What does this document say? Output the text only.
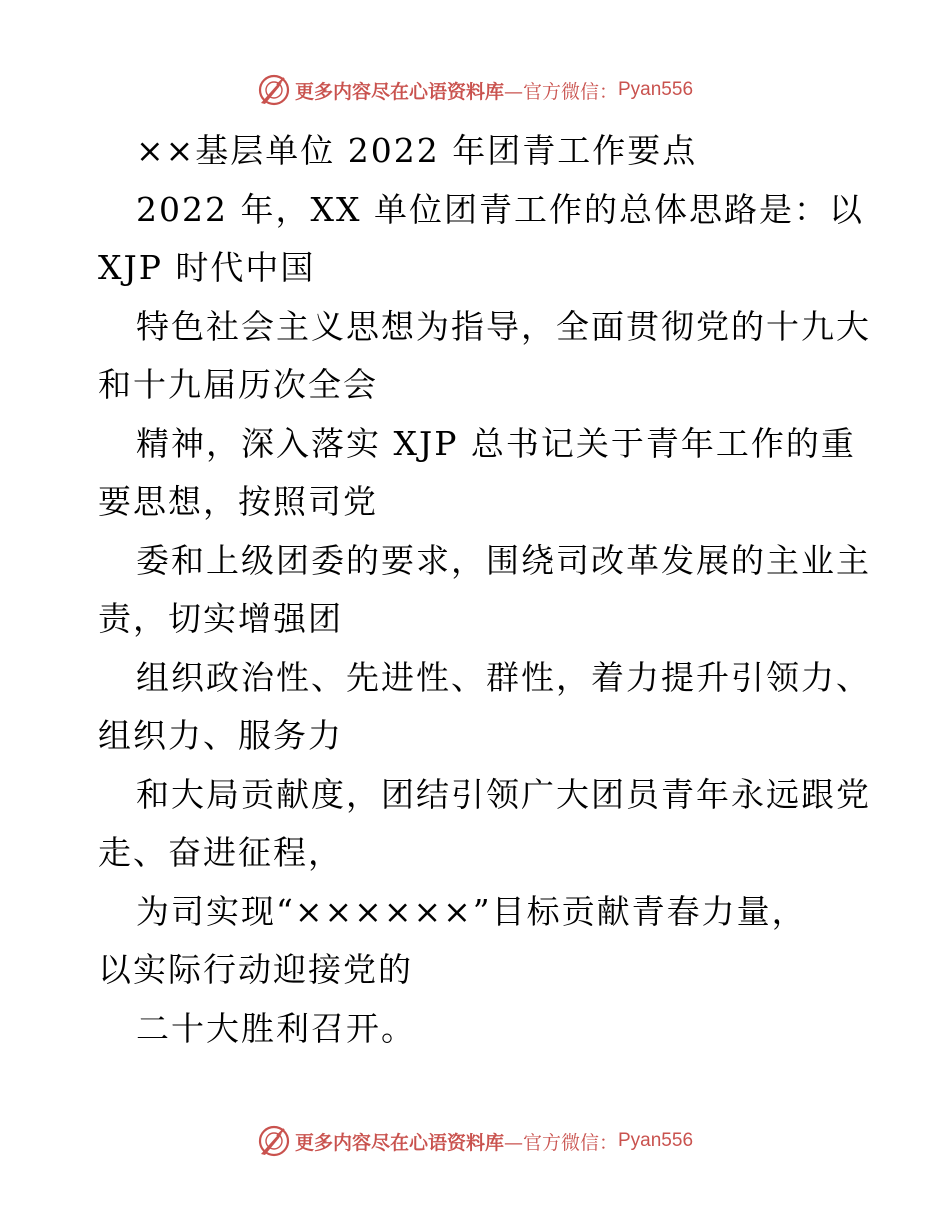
更多内容尽在心语资料库 —官方微信： Pyan556
××基层单位 2022 年团青工作要点
2022 年，XX 单位团青工作的总体思路是：以
XJP 时代中国
特色社会主义思想为指导，全面贯彻党的十九大
和十九届历次全会
精神，深入落实 XJP 总书记关于青年工作的重
要思想，按照司党
委和上级团委的要求，围绕司改革发展的主业主
责，切实增强团
组织政治性、先进性、群性，着力提升引领力、
组织力、服务力
和大局贡献度，团结引领广大团员青年永远跟党
走、奋进征程，
为司实现“××××××”目标贡献青春力量，
以实际行动迎接党的
二十大胜利召开。
更多内容尽在心语资料库 —官方微信： Pyan556
